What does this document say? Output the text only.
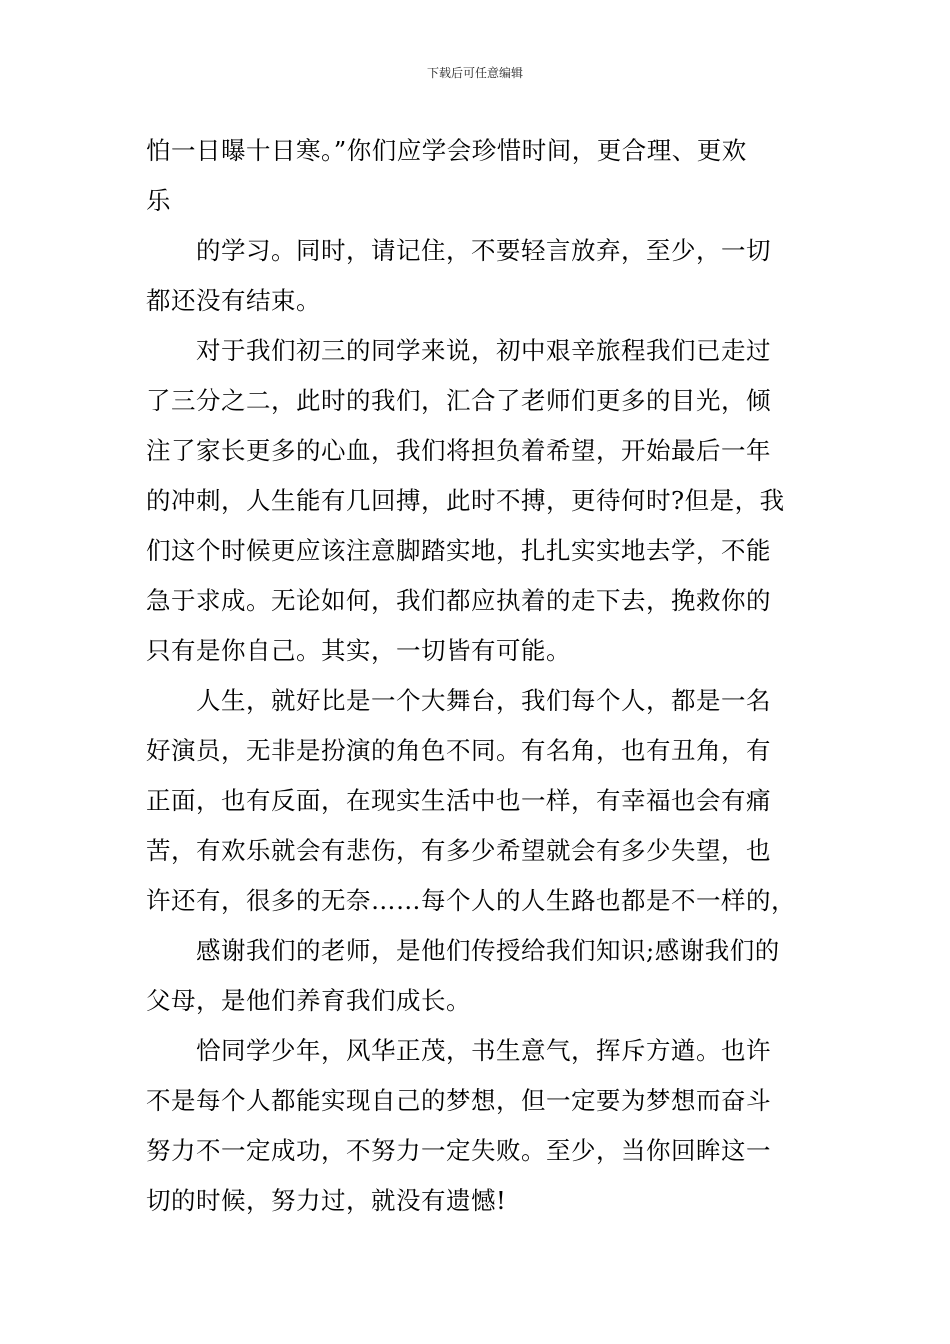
下载后可任意编辑
怕一日曝十日寒。”你们应学会珍惜时间，更合理、更欢
乐
的学习。同时，请记住，不要轻言放弃，至少，一切
都还没有结束。
对于我们初三的同学来说，初中艰辛旅程我们已走过
了三分之二，此时的我们，汇合了老师们更多的目光，倾
注了家长更多的心血，我们将担负着希望，开始最后一年
的冲刺，人生能有几回搏，此时不搏，更待何时?但是，我
们这个时候更应该注意脚踏实地，扎扎实实地去学，不能
急于求成。无论如何，我们都应执着的走下去，挽救你的
只有是你自己。其实，一切皆有可能。
人生，就好比是一个大舞台，我们每个人，都是一名
好演员，无非是扮演的角色不同。有名角，也有丑角，有
正面，也有反面，在现实生活中也一样，有幸福也会有痛
苦，有欢乐就会有悲伤，有多少希望就会有多少失望，也
许还有，很多的无奈……每个人的人生路也都是不一样的，
感谢我们的老师，是他们传授给我们知识;感谢我们的
父母，是他们养育我们成长。
恰同学少年，风华正茂，书生意气，挥斥方遒。也许
不是每个人都能实现自己的梦想，但一定要为梦想而奋斗
努力不一定成功，不努力一定失败。至少，当你回眸这一
切的时候，努力过，就没有遗憾!
